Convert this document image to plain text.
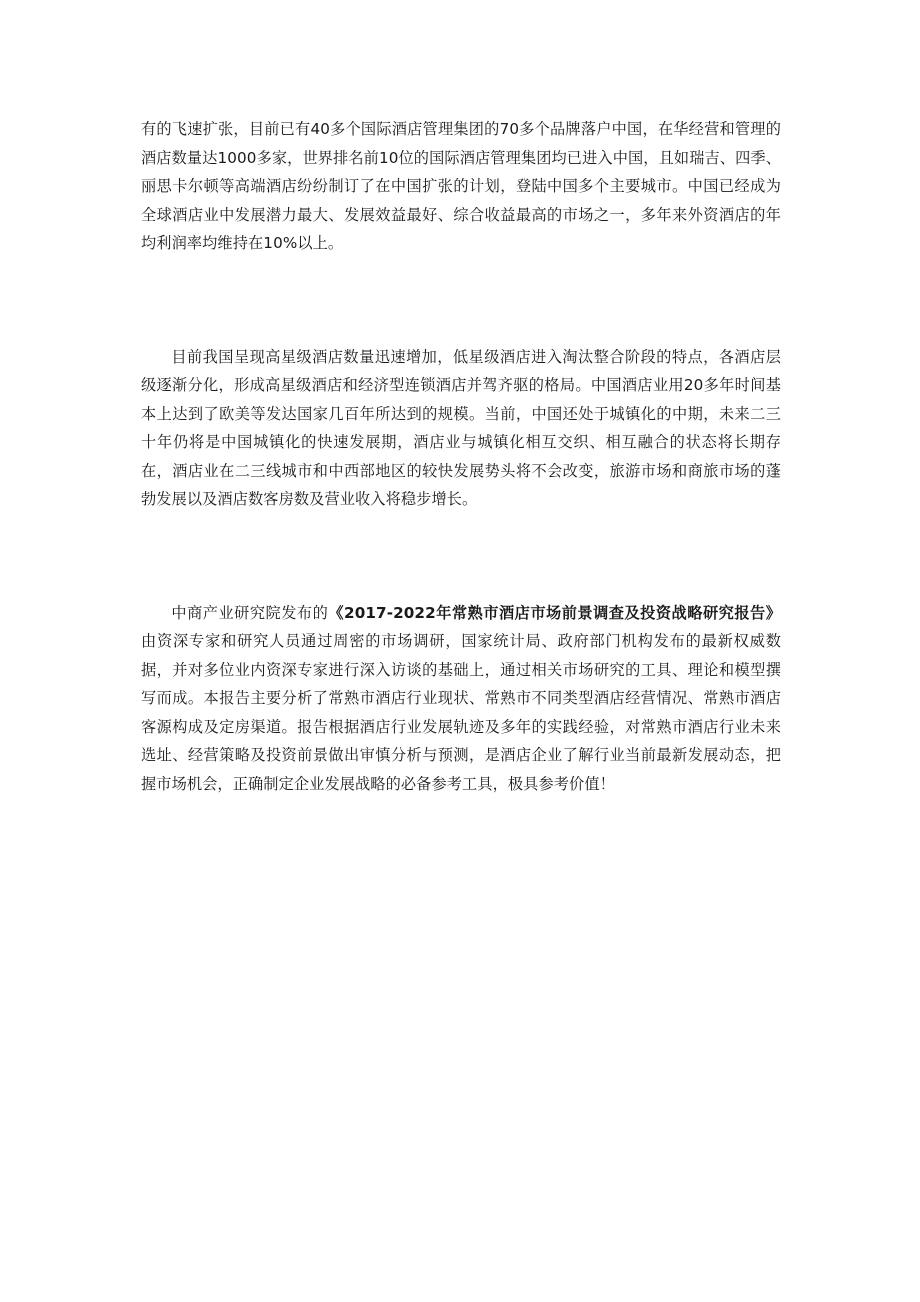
有的飞速扩张，目前已有40多个国际酒店管理集团的70多个品牌落户中国，在华经营和管理的酒店数量达1000多家，世界排名前10位的国际酒店管理集团均已进入中国，且如瑞吉、四季、丽思卡尔顿等高端酒店纷纷制订了在中国扩张的计划，登陆中国多个主要城市。中国已经成为全球酒店业中发展潜力最大、发展效益最好、综合收益最高的市场之一，多年来外资酒店的年均利润率均维持在10%以上。

目前我国呈现高星级酒店数量迅速增加，低星级酒店进入淘汰整合阶段的特点，各酒店层级逐渐分化，形成高星级酒店和经济型连锁酒店并驾齐驱的格局。中国酒店业用20多年时间基本上达到了欧美等发达国家几百年所达到的规模。当前，中国还处于城镇化的中期，未来二三十年仍将是中国城镇化的快速发展期，酒店业与城镇化相互交织、相互融合的状态将长期存在，酒店业在二三线城市和中西部地区的较快发展势头将不会改变，旅游市场和商旅市场的蓬勃发展以及酒店数客房数及营业收入将稳步增长。

中商产业研究院发布的《2017-2022年常熟市酒店市场前景调查及投资战略研究报告》由资深专家和研究人员通过周密的市场调研，国家统计局、政府部门机构发布的最新权威数据，并对多位业内资深专家进行深入访谈的基础上，通过相关市场研究的工具、理论和模型撰写而成。本报告主要分析了常熟市酒店行业现状、常熟市不同类型酒店经营情况、常熟市酒店客源构成及定房渠道。报告根据酒店行业发展轨迹及多年的实践经验，对常熟市酒店行业未来选址、经营策略及投资前景做出审慎分析与预测，是酒店企业了解行业当前最新发展动态，把握市场机会，正确制定企业发展战略的必备参考工具，极具参考价值！
